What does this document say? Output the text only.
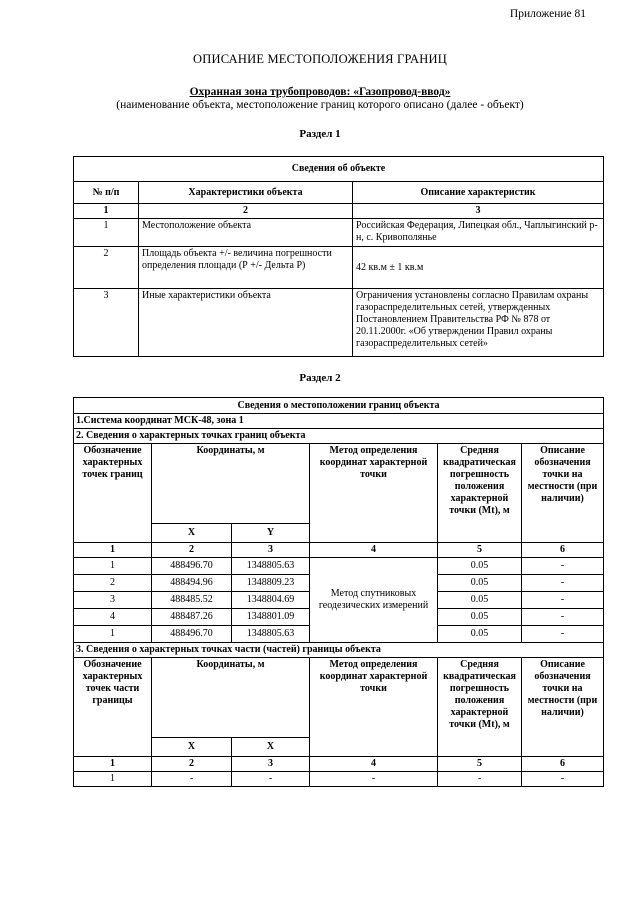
Приложение 81
ОПИСАНИЕ МЕСТОПОЛОЖЕНИЯ ГРАНИЦ
Охранная зона трубопроводов: «Газопровод-ввод»
(наименование объекта, местоположение границ которого описано (далее - объект)
Раздел 1
Сведения об объекте		
№ п/п	Характеристики объекта	Описание характеристик
1	2	3
1	Местоположение объекта	Российская Федерация, Липецкая обл., Чаплыгинский р-н, с. Кривополянье
2	Площадь объекта +/- величина погрешности определения площади (Р +/- Дельта Р)	42 кв.м ± 1 кв.м
3	Иные характеристики объекта	Ограничения установлены согласно Правилам охраны газораспределительных сетей, утвержденных Постановлением Правительства РФ № 878 от 20.11.2000г. «Об утверждении Правил охраны газораспределительных сетей»
Раздел 2
Сведения о местоположении границ объекта					
1.Система координат МСК-48, зона 1					
2. Сведения о характерных точках границ объекта					
Обозначение характерных точек границ	Координаты, м		Метод определения координат характерной точки	Средняя квадратическая погрешность положения характерной точки (Mt), м	Описание обозначения точки на местности (при наличии)
	X	Y			
1	2	3	4	5	6
1	488496.70	1348805.63	Метод спутниковых геодезических измерений	0.05	-
2	488494.96	1348809.23		0.05	-
3	488485.52	1348804.69		0.05	-
4	488487.26	1348801.09		0.05	-
1	488496.70	1348805.63		0.05	-
3. Сведения о характерных точках части (частей) границы объекта					
Обозначение характерных точек части границы	Координаты, м		Метод определения координат характерной точки	Средняя квадратическая погрешность положения характерной точки (Mt), м	Описание обозначения точки на местности (при наличии)
	X	X			
1	2	3	4	5	6
1	-	-	-	-	-
